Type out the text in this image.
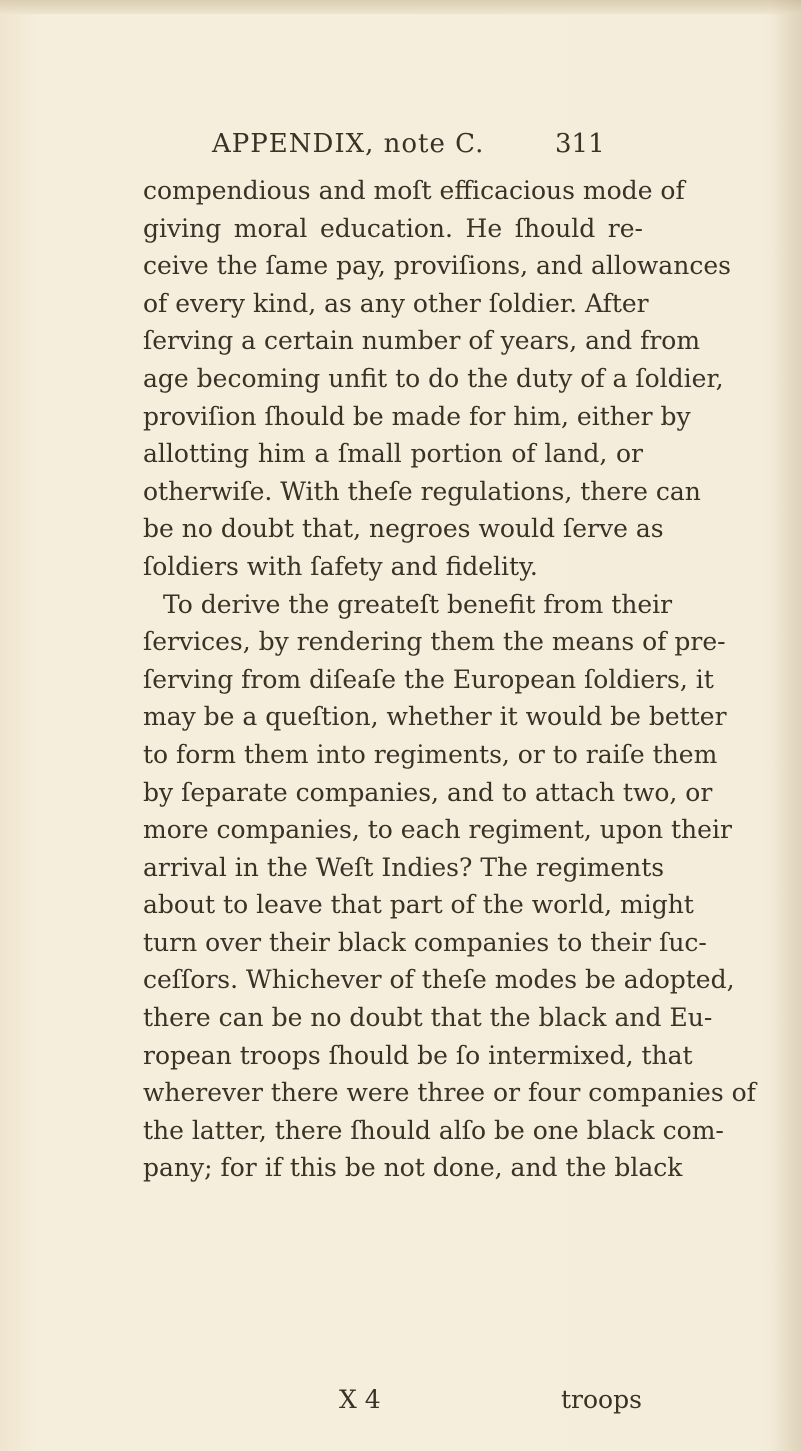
APPENDIX, note C.	311
compendious and moſt efficacious mode of
giving moral education. He ſhould re-
ceive the ſame pay, proviſions, and allowances
of every kind, as any other ſoldier. After
ſerving a certain number of years, and from
age becoming unfit to do the duty of a ſoldier,
proviſion ſhould be made for him, either by
allotting him a ſmall portion of land, or
otherwiſe. With theſe regulations, there can
be no doubt that, negroes would ſerve as
ſoldiers with ſafety and fidelity.
To derive the greateſt benefit from their
ſervices, by rendering them the means of pre-
ſerving from diſeaſe the European ſoldiers, it
may be a queſtion, whether it would be better
to form them into regiments, or to raiſe them
by ſeparate companies, and to attach two, or
more companies, to each regiment, upon their
arrival in the Weſt Indies? The regiments
about to leave that part of the world, might
turn over their black companies to their ſuc-
ceſſors. Whichever of theſe modes be adopted,
there can be no doubt that the black and Eu-
ropean troops ſhould be ſo intermixed, that
wherever there were three or four companies of
the latter, there ſhould alſo be one black com-
pany; for if this be not done, and the black
X 4	troops
